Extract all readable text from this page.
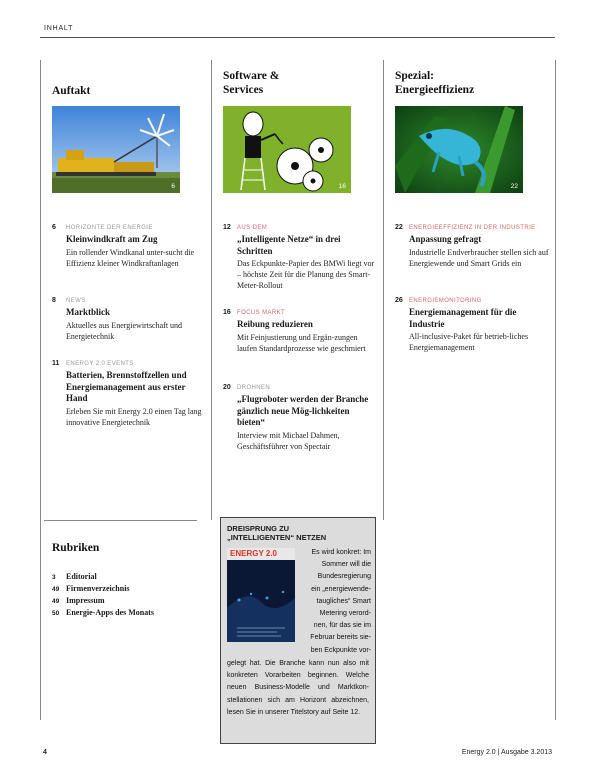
INHALT
Auftakt
6
6 HORIZONTE DER ENERGIE
Kleinwindkraft am Zug
Ein rollender Windkanal unter-sucht die Effizienz kleiner Windkraftanlagen
8 NEWS
Marktblick
Aktuelles aus Energiewirtschaft und Energietechnik
11 ENERGY 2.0 EVENTS
Batterien, Brennstoffzellen und Energiemanagement aus erster Hand
Erleben Sie mit Energy 2.0 einen Tag lang innovative Energietechnik
Software & Services
16
12 AUS DEM
„Intelligente Netze“ in drei Schritten
Das Eckpunkte-Papier des BMWi liegt vor – höchste Zeit für die Planung des Smart-Meter-Rollout
16 FOCUS MARKT
Reibung reduzieren
Mit Feinjustierung und Ergän-zungen laufen Standardprozesse wie geschmiert
20 DROHNEN
„Flugroboter werden der Branche gänzlich neue Mög-lichkeiten bieten“
Interview mit Michael Dahmen, Geschäftsführer von Spectair
Spezial: Energieeffizienz
22
22 ENERGIEEFFIZIENZ IN DER INDUSTRIE
Anpassung gefragt
Industrielle Endverbraucher stellen sich auf Energiewende und Smart Grids ein
26 ENERGIEMONITORING
Energiemanagement für die Industrie
All-inclusive-Paket für betrieb-liches Energiemanagement
Rubriken
3 Editorial
49 Firmenverzeichnis
49 Impressum
50 Energie-Apps des Monats
DREISPRUNG ZU
„INTELLIGENTEN“ NETZEN
ENERGY 2.0	Es wird konkret: Im
Sommer will die
Bundesregierung
ein „energiewende-
taugliches“ Smart
Metering verord-
nen, für das sie im
Februar bereits sie-
ben Eckpunkte vor-
gelegt hat. Die Branche kann nun also mit konkreten Vorarbeiten beginnen. Welche neuen Business-Modelle und Marktkon-stellationen sich am Horizont abzeichnen, lesen Sie in unserer Titelstory auf Seite 12.
4	Energy 2.0 | Ausgabe 3.2013
